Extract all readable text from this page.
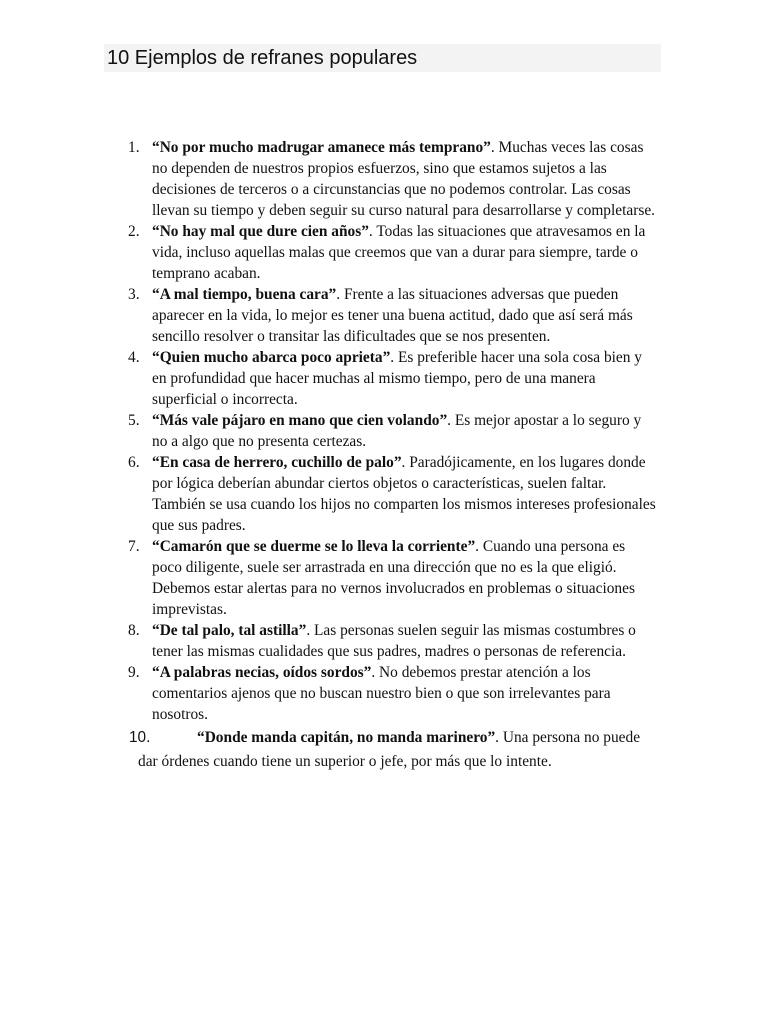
10 Ejemplos de refranes populares
1. “No por mucho madrugar amanece más temprano”. Muchas veces las cosas no dependen de nuestros propios esfuerzos, sino que estamos sujetos a las decisiones de terceros o a circunstancias que no podemos controlar. Las cosas llevan su tiempo y deben seguir su curso natural para desarrollarse y completarse.
2. “No hay mal que dure cien años”. Todas las situaciones que atravesamos en la vida, incluso aquellas malas que creemos que van a durar para siempre, tarde o temprano acaban.
3. “A mal tiempo, buena cara”. Frente a las situaciones adversas que pueden aparecer en la vida, lo mejor es tener una buena actitud, dado que así será más sencillo resolver o transitar las dificultades que se nos presenten.
4. “Quien mucho abarca poco aprieta”. Es preferible hacer una sola cosa bien y en profundidad que hacer muchas al mismo tiempo, pero de una manera superficial o incorrecta.
5. “Más vale pájaro en mano que cien volando”. Es mejor apostar a lo seguro y no a algo que no presenta certezas.
6. “En casa de herrero, cuchillo de palo”. Paradójicamente, en los lugares donde por lógica deberían abundar ciertos objetos o características, suelen faltar. También se usa cuando los hijos no comparten los mismos intereses profesionales que sus padres.
7. “Camarón que se duerme se lo lleva la corriente”. Cuando una persona es poco diligente, suele ser arrastrada en una dirección que no es la que eligió. Debemos estar alertas para no vernos involucrados en problemas o situaciones imprevistas.
8. “De tal palo, tal astilla”. Las personas suelen seguir las mismas costumbres o tener las mismas cualidades que sus padres, madres o personas de referencia.
9. “A palabras necias, oídos sordos”. No debemos prestar atención a los comentarios ajenos que no buscan nuestro bien o que son irrelevantes para nosotros.
10.	“Donde manda capitán, no manda marinero”. Una persona no puede dar órdenes cuando tiene un superior o jefe, por más que lo intente.
